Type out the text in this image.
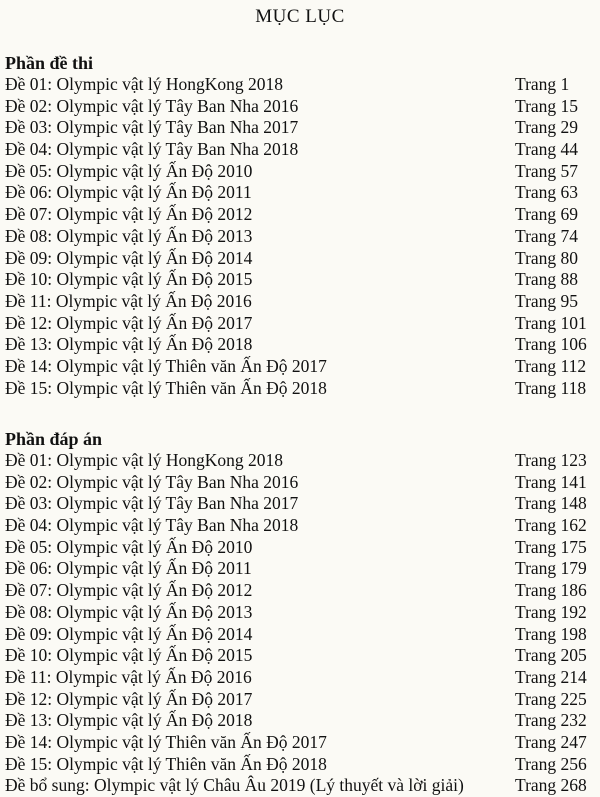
MỤC LỤC
Phần đề thi
Đề 01: Olympic vật lý HongKong 2018	Trang 1
Đề 02: Olympic vật lý Tây Ban Nha 2016	Trang 15
Đề 03: Olympic vật lý Tây Ban Nha 2017	Trang 29
Đề 04: Olympic vật lý Tây Ban Nha 2018	Trang 44
Đề 05: Olympic vật lý Ấn Độ 2010	Trang 57
Đề 06: Olympic vật lý Ấn Độ 2011	Trang 63
Đề 07: Olympic vật lý Ấn Độ 2012	Trang 69
Đề 08: Olympic vật lý Ấn Độ 2013	Trang 74
Đề 09: Olympic vật lý Ấn Độ 2014	Trang 80
Đề 10: Olympic vật lý Ấn Độ 2015	Trang 88
Đề 11: Olympic vật lý Ấn Độ 2016	Trang 95
Đề 12: Olympic vật lý Ấn Độ 2017	Trang 101
Đề 13: Olympic vật lý Ấn Độ 2018	Trang 106
Đề 14: Olympic vật lý Thiên văn Ấn Độ 2017	Trang 112
Đề 15: Olympic vật lý Thiên văn Ấn Độ 2018	Trang 118
Phần đáp án
Đề 01: Olympic vật lý HongKong 2018	Trang 123
Đề 02: Olympic vật lý Tây Ban Nha 2016	Trang 141
Đề 03: Olympic vật lý Tây Ban Nha 2017	Trang 148
Đề 04: Olympic vật lý Tây Ban Nha 2018	Trang 162
Đề 05: Olympic vật lý Ấn Độ 2010	Trang 175
Đề 06: Olympic vật lý Ấn Độ 2011	Trang 179
Đề 07: Olympic vật lý Ấn Độ 2012	Trang 186
Đề 08: Olympic vật lý Ấn Độ 2013	Trang 192
Đề 09: Olympic vật lý Ấn Độ 2014	Trang 198
Đề 10: Olympic vật lý Ấn Độ 2015	Trang 205
Đề 11: Olympic vật lý Ấn Độ 2016	Trang 214
Đề 12: Olympic vật lý Ấn Độ 2017	Trang 225
Đề 13: Olympic vật lý Ấn Độ 2018	Trang 232
Đề 14: Olympic vật lý Thiên văn Ấn Độ 2017	Trang 247
Đề 15: Olympic vật lý Thiên văn Ấn Độ 2018	Trang 256
Đề bổ sung: Olympic vật lý Châu Âu 2019 (Lý thuyết và lời giải)	Trang 268
